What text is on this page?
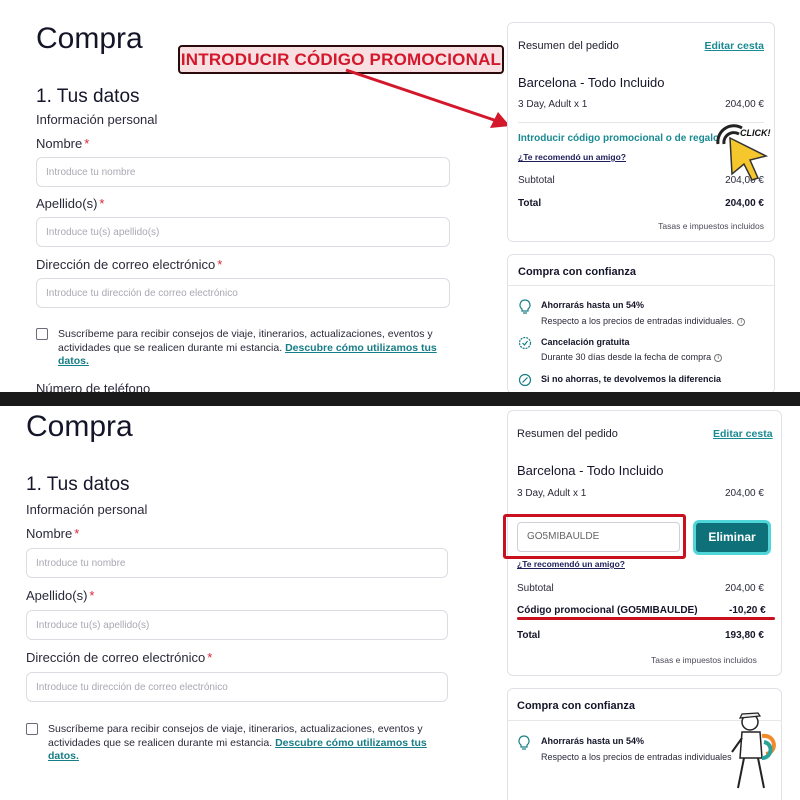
Compra
1. Tus datos
Información personal
Nombre *
Introduce tu nombre
Apellido(s) *
Introduce tu(s) apellido(s)
Dirección de correo electrónico *
Introduce tu dirección de correo electrónico
Suscríbeme para recibir consejos de viaje, itinerarios, actualizaciones, eventos y actividades que se realicen durante mi estancia. Descubre cómo utilizamos tus datos.
Número de teléfono
INTRODUCIR CÓDIGO PROMOCIONAL
Resumen del pedido	Editar cesta
Barcelona - Todo Incluido
3 Day, Adult x 1	204,00 €
Introducir código promocional o de regalo
¿Te recomendó un amigo?
Subtotal	204,00 €
Total	204,00 €
Tasas e impuestos incluidos
CLICK!
Compra con confianza
Ahorrarás hasta un 54%
Respecto a los precios de entradas individuales. i
Cancelación gratuita
Durante 30 días desde la fecha de compra i
Si no ahorras, te devolvemos la diferencia
Compra
1. Tus datos
Información personal
Nombre *
Introduce tu nombre
Apellido(s) *
Introduce tu(s) apellido(s)
Dirección de correo electrónico *
Introduce tu dirección de correo electrónico
Suscríbeme para recibir consejos de viaje, itinerarios, actualizaciones, eventos y actividades que se realicen durante mi estancia. Descubre cómo utilizamos tus datos.
Resumen del pedido	Editar cesta
Barcelona - Todo Incluido
3 Day, Adult x 1	204,00 €
GO5MIBAULDE	Eliminar
¿Te recomendó un amigo?
Subtotal	204,00 €
Código promocional (GO5MIBAULDE)	-10,20 €
Total	193,80 €
Tasas e impuestos incluidos
Compra con confianza
Ahorrarás hasta un 54%
Respecto a los precios de entradas individuales
